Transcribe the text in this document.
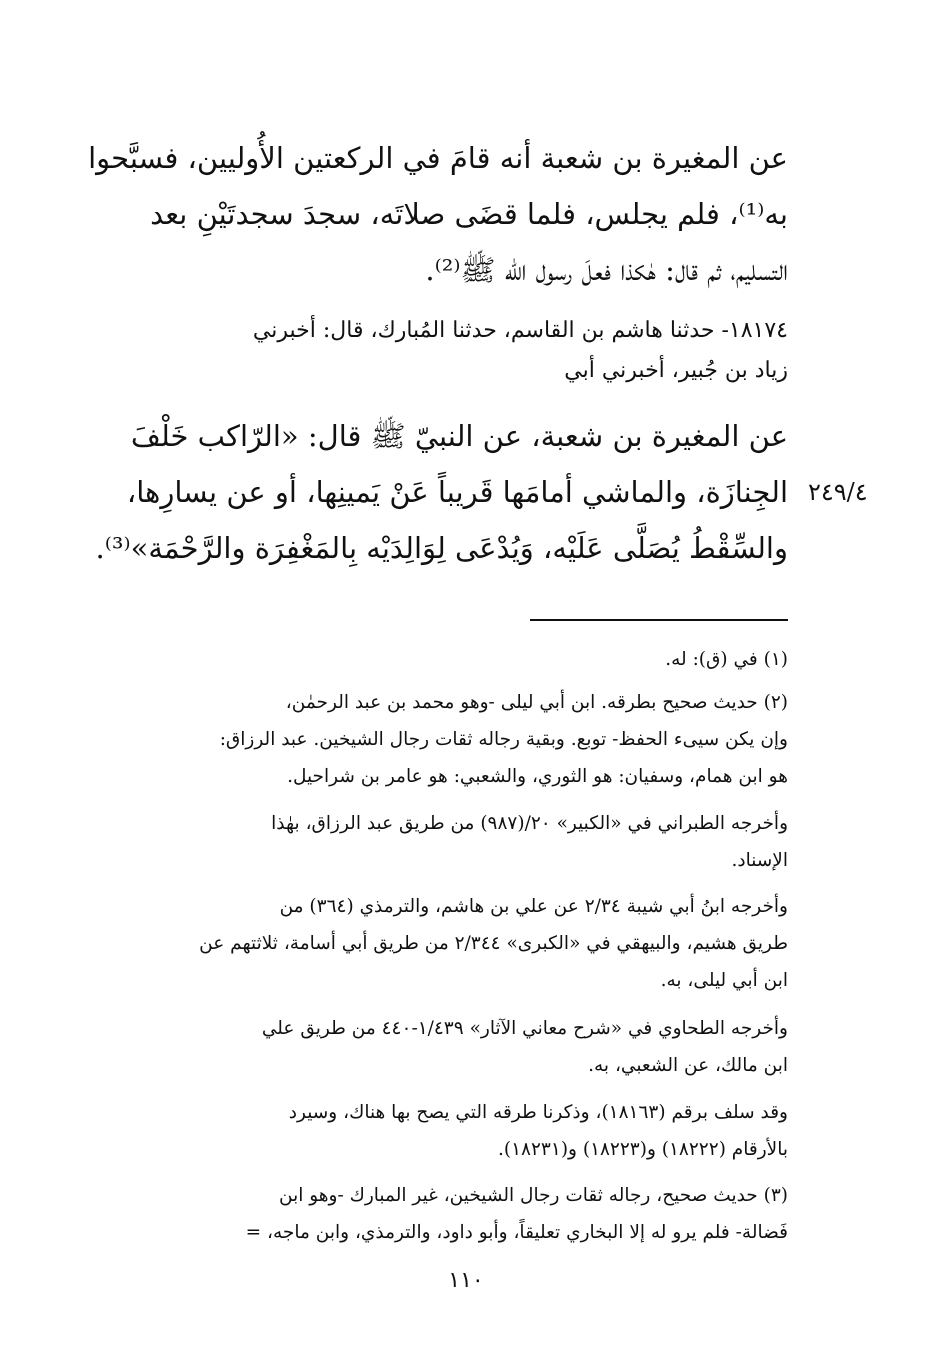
عن المغيرة بن شعبة أنه قامَ في الركعتين الأُوليين، فسبَّحوا
به⁽¹⁾، فلم يجلس، فلما قضَى صلاتَه، سجدَ سجدتَيْنِ بعد
التسليم، ثم قال: هٰكذا فعلَ رسول الله ﷺ⁽²⁾.
١٨١٧٤- حدثنا هاشم بن القاسم، حدثنا المُبارك، قال: أخبرني
زياد بن جُبير، أخبرني أبي
عن المغيرة بن شعبة، عن النبيّ ﷺ قال: «الرّاكب خَلْفَ
الجِنازَة، والماشي أمامَها قَريباً عَنْ يَمينِها، أو عن يسارِها،
والسِّقْطُ يُصَلَّى عَلَيْه، وَيُدْعَى لِوَالِدَيْه بِالمَغْفِرَة والرَّحْمَة»⁽³⁾.
٢٤٩/٤
(١) في (ق): له.
(٢) حديث صحيح بطرقه. ابن أبي ليلى -وهو محمد بن عبد الرحمٰن،
وإن يكن سيىء الحفظ- توبع. وبقية رجاله ثقات رجال الشيخين. عبد الرزاق:
هو ابن همام، وسفيان: هو الثوري، والشعبي: هو عامر بن شراحيل.
وأخرجه الطبراني في «الكبير» ٢٠/(٩٨٧) من طريق عبد الرزاق، بهٰذا
الإسناد.
وأخرجه ابنُ أبي شيبة ٢/٣٤ عن علي بن هاشم، والترمذي (٣٦٤) من
طريق هشيم، والبيهقي في «الكبرى» ٢/٣٤٤ من طريق أبي أسامة، ثلاثتهم عن
ابن أبي ليلى، به.
وأخرجه الطحاوي في «شرح معاني الآثار» ١/٤٣٩-٤٤٠ من طريق علي
ابن مالك، عن الشعبي، به.
وقد سلف برقم (١٨١٦٣)، وذكرنا طرقه التي يصح بها هناك، وسيرد
بالأرقام (١٨٢٢٢) و(١٨٢٢٣) و(١٨٢٣١).
(٣) حديث صحيح، رجاله ثقات رجال الشيخين، غير المبارك -وهو ابن
فَضالة- فلم يرو له إلا البخاري تعليقاً، وأبو داود، والترمذي، وابن ماجه، =
١١٠
